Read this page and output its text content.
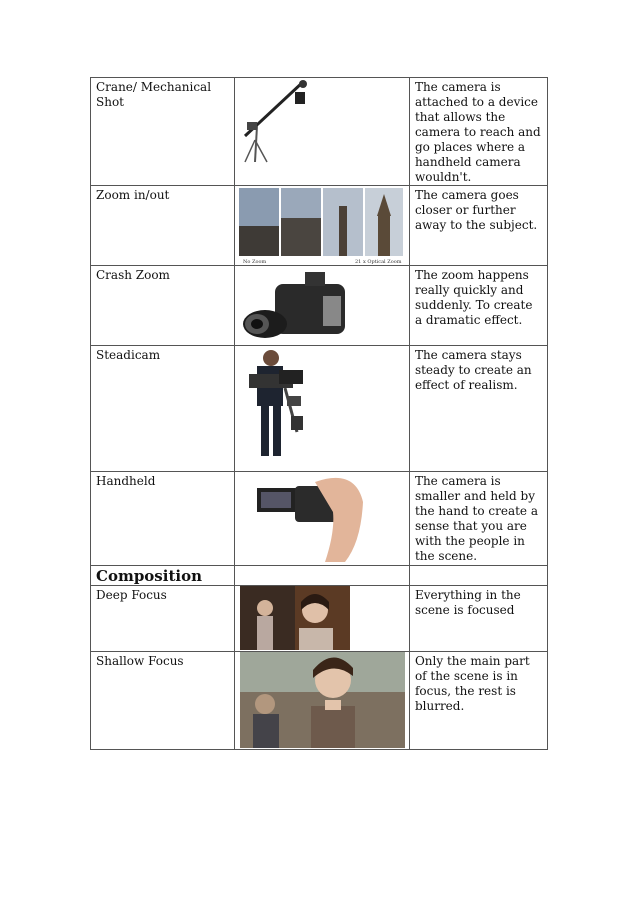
Crane/ Mechanical Shot		The camera is attached to a device that allows the camera to reach and go places where a handheld camera wouldn't.
Zoom in/out	No Zoom 21 x Optical Zoom	The camera goes closer or further away to the subject.
Crash Zoom		The zoom happens really quickly and suddenly. To create a dramatic effect.
Steadicam		The camera stays steady to create an effect of realism.
Handheld		The camera is smaller and held by the hand to create a sense that you are with the people in the scene.
Composition		
Deep Focus		Everything in the scene is focused
Shallow Focus		Only the main part of the scene is in focus, the rest is blurred.
